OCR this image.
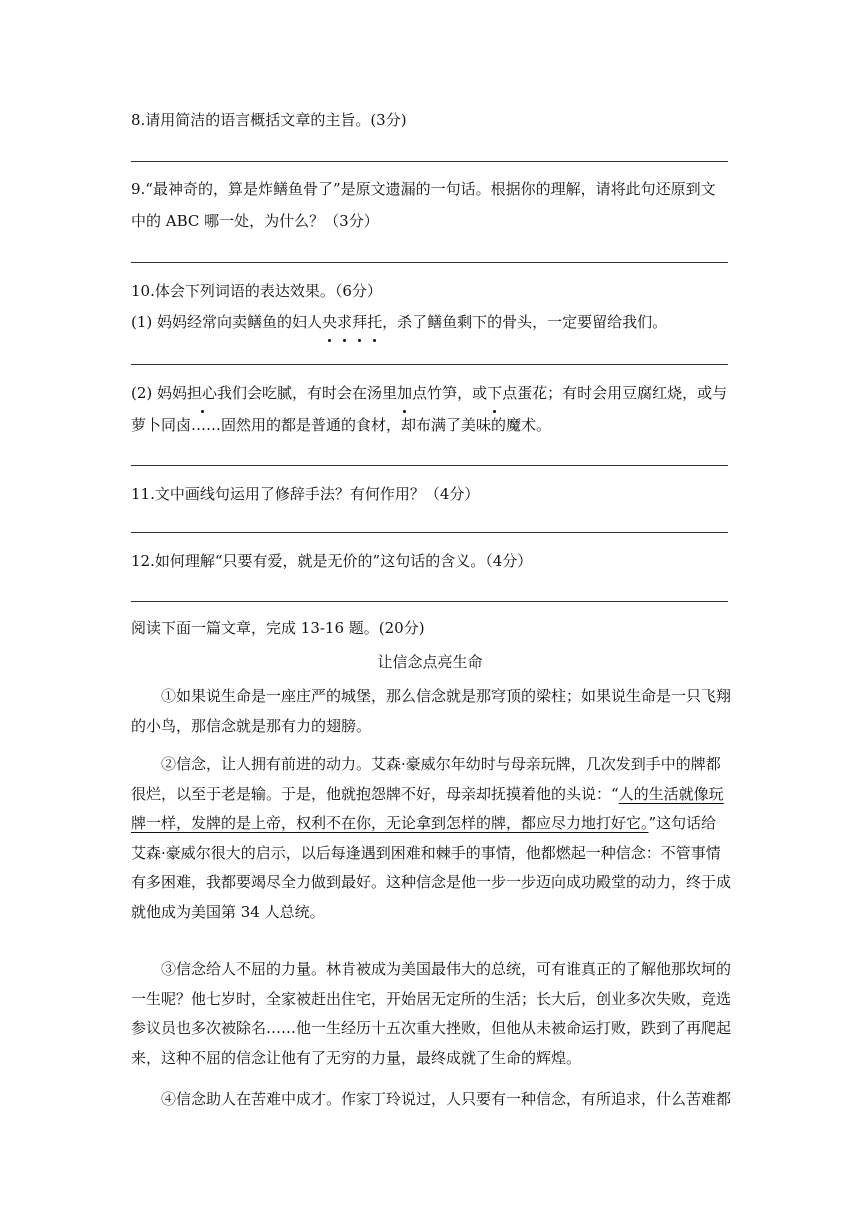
8.请用简洁的语言概括文章的主旨。(3分)
9.“最神奇的，算是炸鳝鱼骨了”是原文遗漏的一句话。根据你的理解，请将此句还原到文
中的 ABC 哪一处，为什么？（3分）
10.体会下列词语的表达效果。（6分）
(1) 妈妈经常向卖鳝鱼的妇人央求拜托，杀了鳝鱼剩下的骨头，一定要留给我们。
(2) 妈妈担心我们会吃腻，有时会在汤里加点竹笋，或下点蛋花；有时会用豆腐红烧，或与
萝卜同卤……固然用的都是普通的食材，却布满了美味的魔术。
11.文中画线句运用了修辞手法？有何作用？（4分）
12.如何理解“只要有爱，就是无价的”这句话的含义。（4分）
阅读下面一篇文章，完成 13-16 题。(20分)
让信念点亮生命
①如果说生命是一座庄严的城堡，那么信念就是那穹顶的梁柱；如果说生命是一只飞翔
的小鸟，那信念就是那有力的翅膀。
②信念，让人拥有前进的动力。艾森·豪威尔年幼时与母亲玩牌，几次发到手中的牌都
很烂，以至于老是输。于是，他就抱怨牌不好，母亲却抚摸着他的头说：“人的生活就像玩
牌一样，发牌的是上帝，权利不在你，无论拿到怎样的牌，都应尽力地打好它。”这句话给
艾森·豪威尔很大的启示，以后每逢遇到困难和棘手的事情，他都燃起一种信念：不管事情
有多困难，我都要竭尽全力做到最好。这种信念是他一步一步迈向成功殿堂的动力，终于成
就他成为美国第 34 人总统。
③信念给人不屈的力量。林肯被成为美国最伟大的总统，可有谁真正的了解他那坎坷的
一生呢？他七岁时，全家被赶出住宅，开始居无定所的生活；长大后，创业多次失败，竞选
参议员也多次被除名……他一生经历十五次重大挫败，但他从未被命运打败，跌到了再爬起
来，这种不屈的信念让他有了无穷的力量，最终成就了生命的辉煌。
④信念助人在苦难中成才。作家丁玲说过，人只要有一种信念，有所追求，什么苦难都
